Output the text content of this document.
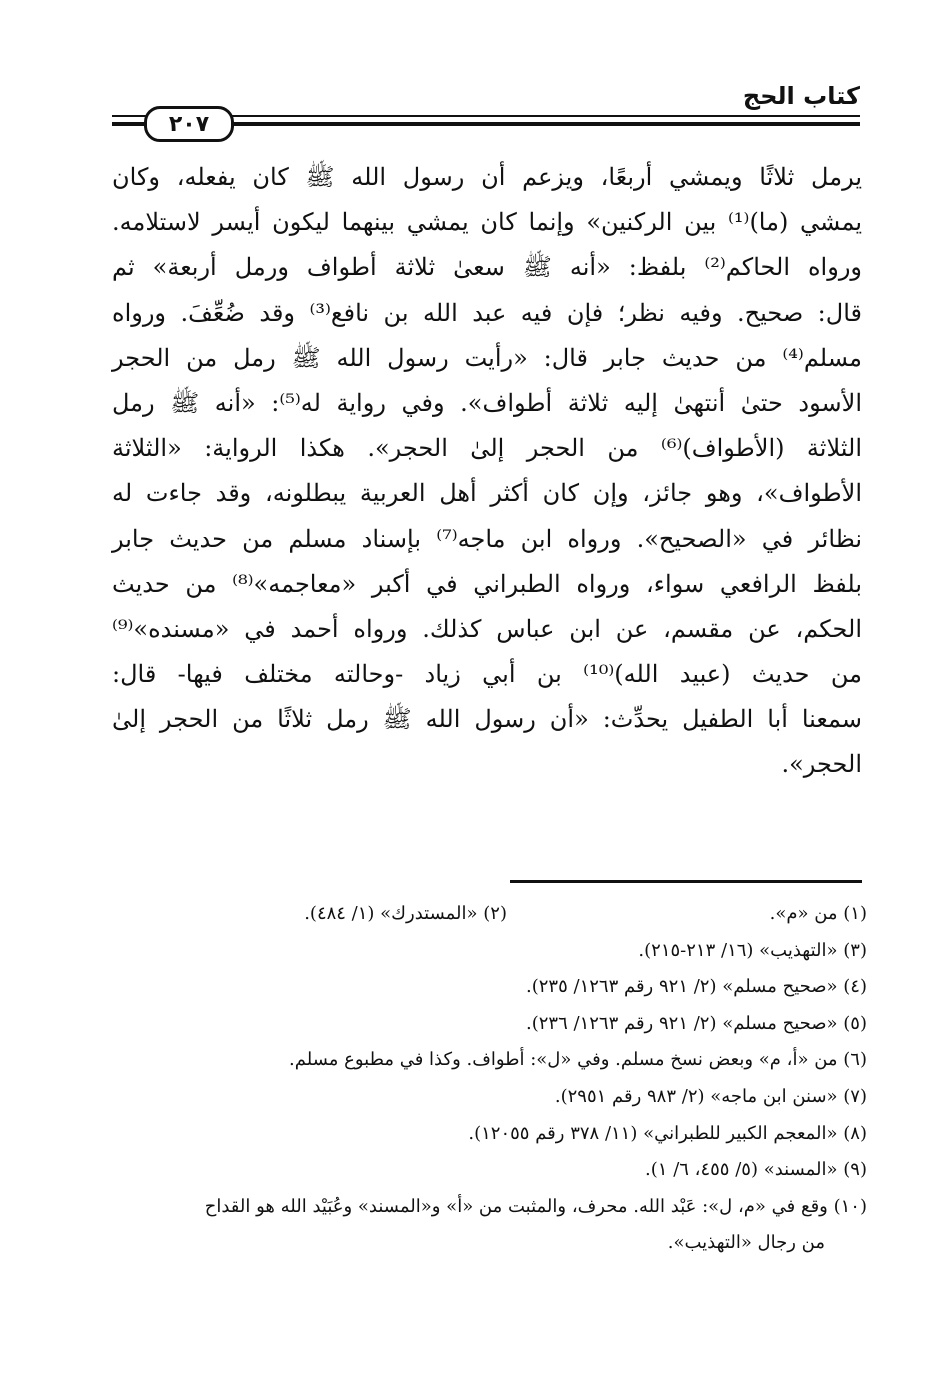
كتاب الحج
٢٠٧
يرمل ثلاثًا ويمشي أربعًا، ويزعم أن رسول الله ﷺ كان يفعله، وكان
يمشي (ما)⁽¹⁾ بين الركنين» وإنما كان يمشي بينهما ليكون أيسر لاستلامه.
ورواه الحاكم⁽²⁾ بلفظ: «أنه ﷺ سعىٰ ثلاثة أطواف ورمل أربعة» ثم
قال: صحيح. وفيه نظر؛ فإن فيه عبد الله بن نافع⁽³⁾ وقد ضُعِّفَ. ورواه
مسلم⁽⁴⁾ من حديث جابر قال: «رأيت رسول الله ﷺ رمل من الحجر
الأسود حتىٰ أنتهىٰ إليه ثلاثة أطواف». وفي رواية له⁽⁵⁾: «أنه ﷺ رمل
الثلاثة (الأطواف)⁽⁶⁾ من الحجر إلىٰ الحجر». هكذا الرواية: «الثلاثة
الأطواف»، وهو جائز، وإن كان أكثر أهل العربية يبطلونه، وقد جاءت له
نظائر في «الصحيح». ورواه ابن ماجه⁽⁷⁾ بإسناد مسلم من حديث جابر
بلفظ الرافعي سواء، ورواه الطبراني في أكبر «معاجمه»⁽⁸⁾ من حديث
الحكم، عن مقسم، عن ابن عباس كذلك. ورواه أحمد في «مسنده»⁽⁹⁾
من حديث (عبيد الله)⁽¹⁰⁾ بن أبي زياد -وحالته مختلف فيها- قال:
سمعنا أبا الطفيل يحدِّث: «أن رسول الله ﷺ رمل ثلاثًا من الحجر إلىٰ
الحجر».
(١) من «م».
(٢) «المستدرك» (١/ ٤٨٤).
(٣) «التهذيب» (١٦/ ٢١٣-٢١٥).
(٤) «صحيح مسلم» (٢/ ٩٢١ رقم ١٢٦٣/ ٢٣٥).
(٥) «صحيح مسلم» (٢/ ٩٢١ رقم ١٢٦٣/ ٢٣٦).
(٦) من «أ، م» وبعض نسخ مسلم. وفي «ل»: أطواف. وكذا في مطبوع مسلم.
(٧) «سنن ابن ماجه» (٢/ ٩٨٣ رقم ٢٩٥١).
(٨) «المعجم الكبير للطبراني» (١١/ ٣٧٨ رقم ١٢٠٥٥).
(٩) «المسند» (٥/ ٤٥٥، ٦/ ١).
(١٠) وقع في «م، ل»: عَبْد الله. محرف، والمثبت من «أ» و«المسند» وعُبَيْد الله هو القداح
من رجال «التهذيب».
